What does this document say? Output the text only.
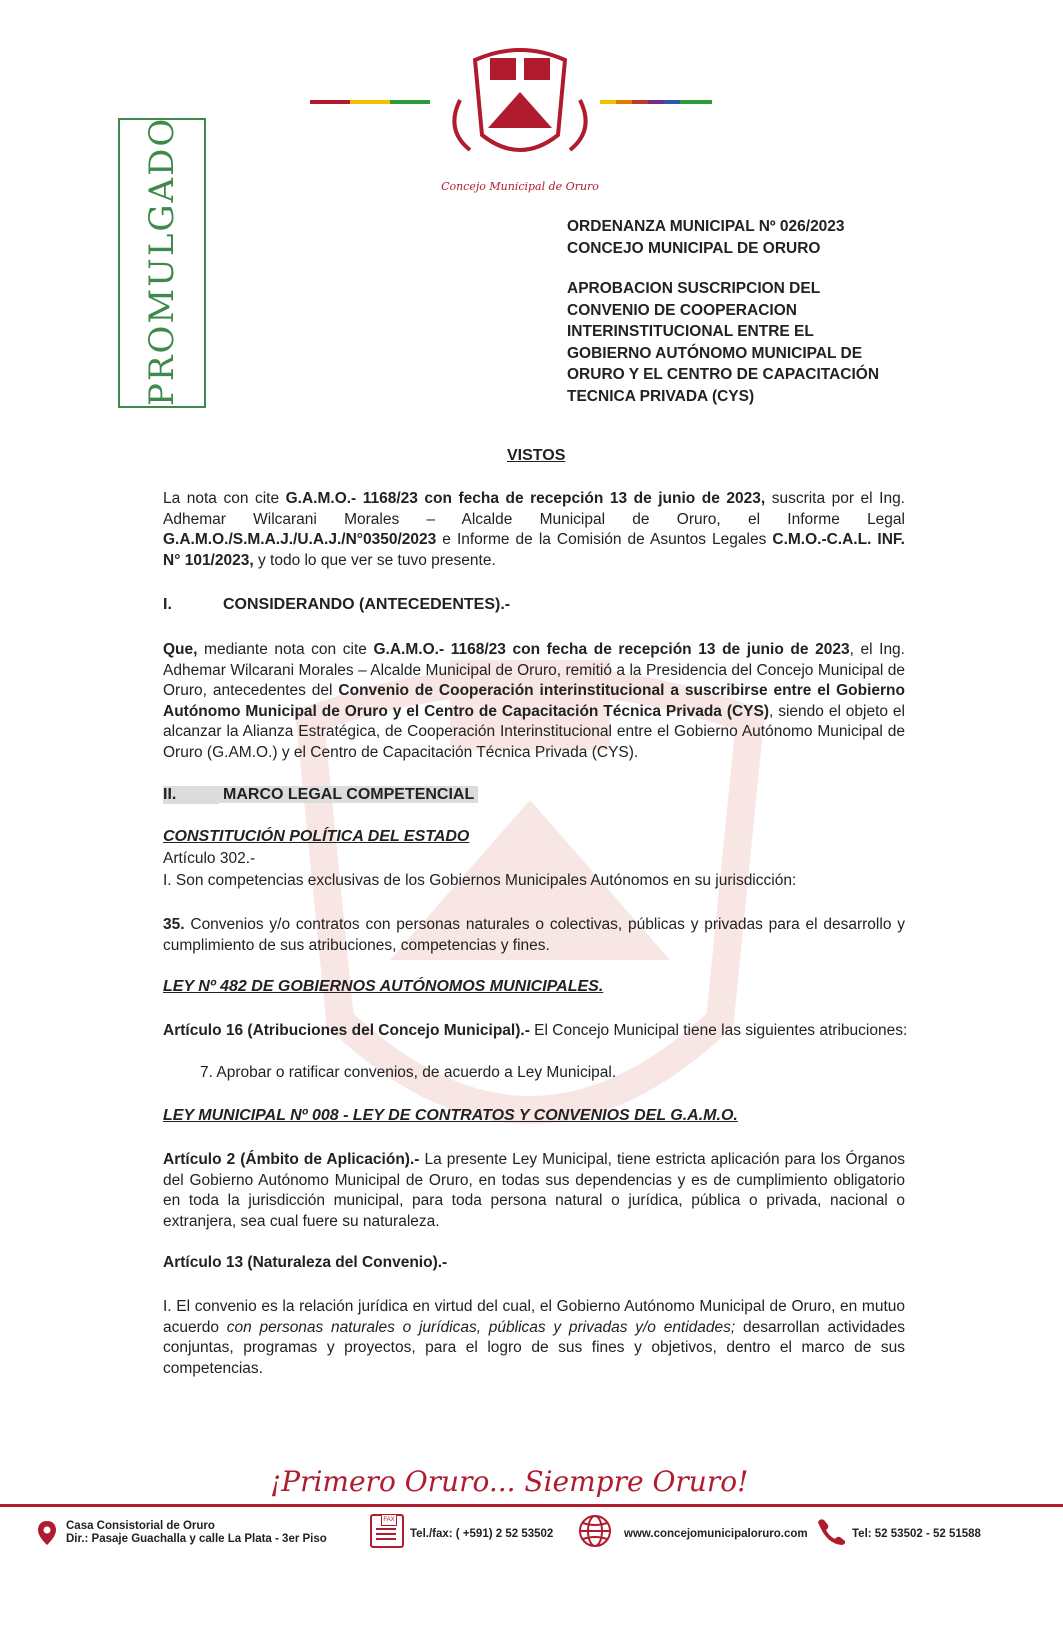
Concejo Municipal de Oruro
PROMULGADO	ORDENANZA MUNICIPAL Nº 026/2023
CONCEJO MUNICIPAL DE ORURO
APROBACION SUSCRIPCION DEL
CONVENIO DE COOPERACION
INTERINSTITUCIONAL ENTRE EL
GOBIERNO AUTÓNOMO MUNICIPAL DE
ORURO Y EL CENTRO DE CAPACITACIÓN
TECNICA PRIVADA (CYS)
VISTOS
La nota con cite G.A.M.O.- 1168/23 con fecha de recepción 13 de junio de 2023, suscrita por el Ing. Adhemar Wilcarani Morales – Alcalde Municipal de Oruro, el Informe Legal G.A.M.O./S.M.A.J./U.A.J./N°0350/2023 e Informe de la Comisión de Asuntos Legales C.M.O.-C.A.L. INF. N° 101/2023, y todo lo que ver se tuvo presente.
I.	CONSIDERANDO (ANTECEDENTES).-
Que, mediante nota con cite G.A.M.O.- 1168/23 con fecha de recepción 13 de junio de 2023, el Ing. Adhemar Wilcarani Morales – Alcalde Municipal de Oruro, remitió a la Presidencia del Concejo Municipal de Oruro, antecedentes del Convenio de Cooperación interinstitucional a suscribirse entre el Gobierno Autónomo Municipal de Oruro y el Centro de Capacitación Técnica Privada (CYS), siendo el objeto el alcanzar la Alianza Estratégica, de Cooperación Interinstitucional entre el Gobierno Autónomo Municipal de Oruro (G.AM.O.) y el Centro de Capacitación Técnica Privada (CYS).
II.	MARCO LEGAL COMPETENCIAL
CONSTITUCIÓN POLÍTICA DEL ESTADO
Artículo 302.-
I. Son competencias exclusivas de los Gobiernos Municipales Autónomos en su jurisdicción:
35. Convenios y/o contratos con personas naturales o colectivas, públicas y privadas para el desarrollo y cumplimiento de sus atribuciones, competencias y fines.
LEY Nº 482 DE GOBIERNOS AUTÓNOMOS MUNICIPALES.
Artículo 16 (Atribuciones del Concejo Municipal).- El Concejo Municipal tiene las siguientes atribuciones:
7. Aprobar o ratificar convenios, de acuerdo a Ley Municipal.
LEY MUNICIPAL Nº 008 - LEY DE CONTRATOS Y CONVENIOS DEL G.A.M.O.
Artículo 2 (Ámbito de Aplicación).- La presente Ley Municipal, tiene estricta aplicación para los Órganos del Gobierno Autónomo Municipal de Oruro, en todas sus dependencias y es de cumplimiento obligatorio en toda la jurisdicción municipal, para toda persona natural o jurídica, pública o privada, nacional o extranjera, sea cual fuere su naturaleza.
Artículo 13 (Naturaleza del Convenio).-
I. El convenio es la relación jurídica en virtud del cual, el Gobierno Autónomo Municipal de Oruro, en mutuo acuerdo con personas naturales o jurídicas, públicas y privadas y/o entidades; desarrollan actividades conjuntas, programas y proyectos, para el logro de sus fines y objetivos, dentro el marco de sus competencias.
¡Primero Oruro... Siempre Oruro!
Casa Consistorial de Oruro
Dir.: Pasaje Guachalla y calle La Plata - 3er Piso
FAX
Tel./fax: ( +591) 2 52 53502	www.concejomunicipaloruro.com	Tel: 52 53502 - 52 51588
